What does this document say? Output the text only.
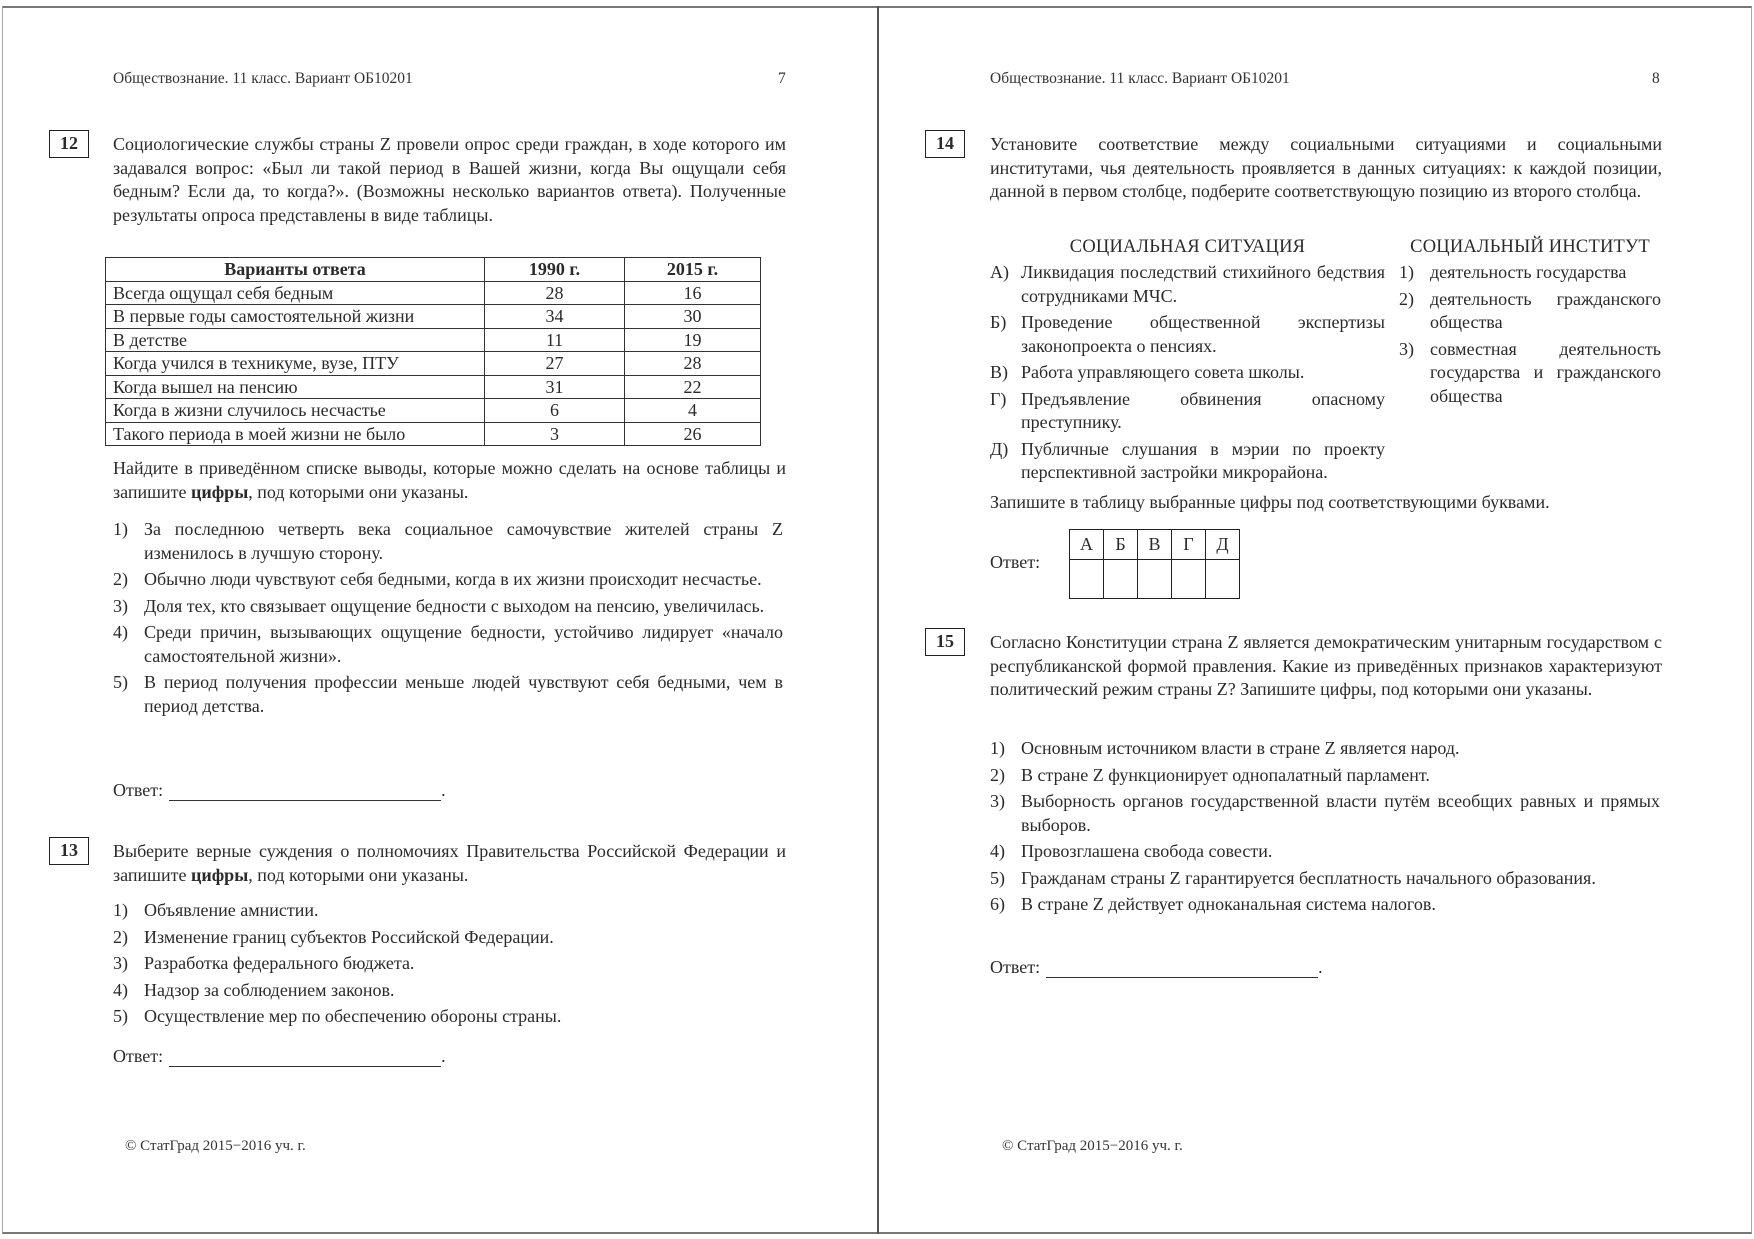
Обществознание. 11 класс. Вариант ОБ10201	7
12	Социологические службы страны Z провели опрос среди граждан, в ходе которого им задавался вопрос: «Был ли такой период в Вашей жизни, когда Вы ощущали себя бедным? Если да, то когда?». (Возможны несколько вариантов ответа). Полученные результаты опроса представлены в виде таблицы.
Варианты ответа	1990 г.	2015 г.
Всегда ощущал себя бедным	28	16
В первые годы самостоятельной жизни	34	30
В детстве	11	19
Когда учился в техникуме, вузе, ПТУ	27	28
Когда вышел на пенсию	31	22
Когда в жизни случилось несчастье	6	4
Такого периода в моей жизни не было	3	26
Найдите в приведённом списке выводы, которые можно сделать на основе таблицы и запишите цифры, под которыми они указаны.
1) За последнюю четверть века социальное самочувствие жителей страны Z изменилось в лучшую сторону.
2) Обычно люди чувствуют себя бедными, когда в их жизни происходит несчастье.
3) Доля тех, кто связывает ощущение бедности с выходом на пенсию, увеличилась.
4) Среди причин, вызывающих ощущение бедности, устойчиво лидирует «начало самостоятельной жизни».
5) В период получения профессии меньше людей чувствуют себя бедными, чем в период детства.
Ответ:	.
13	Выберите верные суждения о полномочиях Правительства Российской Федерации и запишите цифры, под которыми они указаны.
1) Объявление амнистии.
2) Изменение границ субъектов Российской Федерации.
3) Разработка федерального бюджета.
4) Надзор за соблюдением законов.
5) Осуществление мер по обеспечению обороны страны.
Ответ:	.
© СтатГрад 2015−2016 уч. г.
Обществознание. 11 класс. Вариант ОБ10201	8
14	Установите соответствие между социальными ситуациями и социальными институтами, чья деятельность проявляется в данных ситуациях: к каждой позиции, данной в первом столбце, подберите соответствующую позицию из второго столбца.
СОЦИАЛЬНАЯ СИТУАЦИЯ
А) Ликвидация последствий стихийного бедствия сотрудниками МЧС.
Б) Проведение общественной экспертизы законопроекта о пенсиях.
В) Работа управляющего совета школы.
Г) Предъявление обвинения опасному преступнику.
Д) Публичные слушания в мэрии по проекту перспективной застройки микрорайона.
СОЦИАЛЬНЫЙ ИНСТИТУТ
1) деятельность государства
2) деятельность гражданского общества
3) совместная деятельность государства и гражданского общества
Запишите в таблицу выбранные цифры под соответствующими буквами.
Ответ:
А	Б	В	Г	Д

15	Согласно Конституции страна Z является демократическим унитарным государством с республиканской формой правления. Какие из приведённых признаков характеризуют политический режим страны Z? Запишите цифры, под которыми они указаны.
1) Основным источником власти в стране Z является народ.
2) В стране Z функционирует однопалатный парламент.
3) Выборность органов государственной власти путём всеобщих равных и прямых выборов.
4) Провозглашена свобода совести.
5) Гражданам страны Z гарантируется бесплатность начального образования.
6) В стране Z действует одноканальная система налогов.
Ответ:	.
© СтатГрад 2015−2016 уч. г.
